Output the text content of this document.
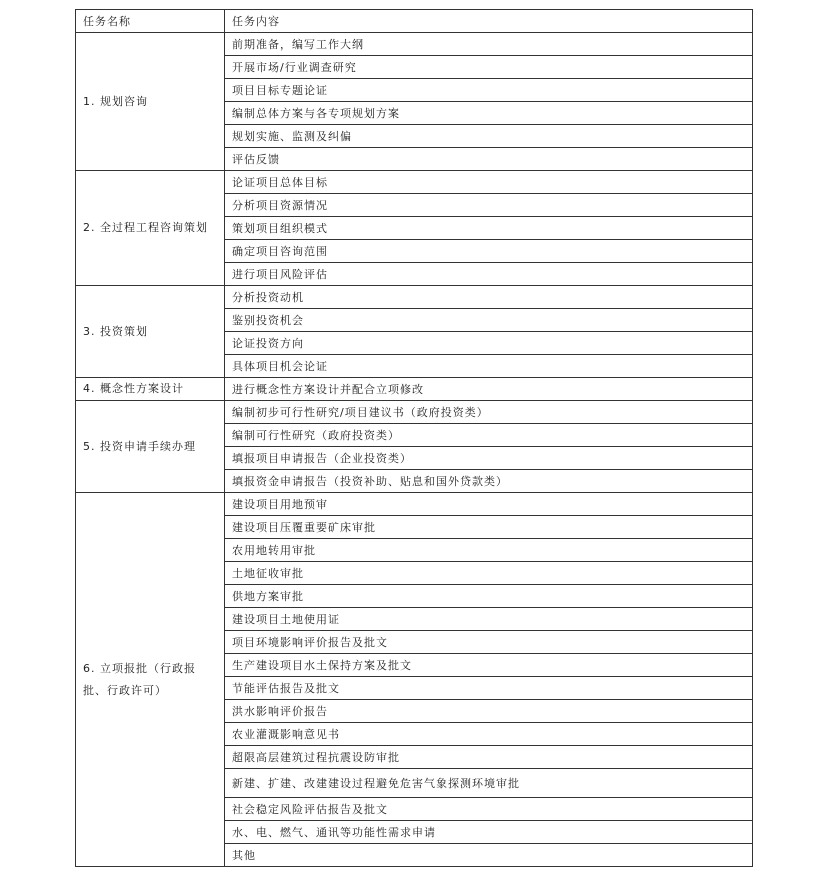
任务名称	任务内容
1. 规划咨询	前期准备，编写工作大纲
	开展市场/行业调查研究
	项目目标专题论证
	编制总体方案与各专项规划方案
	规划实施、监测及纠偏
	评估反馈
2. 全过程工程咨询策划	论证项目总体目标
	分析项目资源情况
	策划项目组织模式
	确定项目咨询范围
	进行项目风险评估
3. 投资策划	分析投资动机
	鉴别投资机会
	论证投资方向
	具体项目机会论证
4. 概念性方案设计	进行概念性方案设计并配合立项修改
5. 投资申请手续办理	编制初步可行性研究/项目建议书（政府投资类）
	编制可行性研究（政府投资类）
	填报项目申请报告（企业投资类）
	填报资金申请报告（投资补助、贴息和国外贷款类）
6. 立项报批（行政报批、行政许可）	建设项目用地预审
	建设项目压覆重要矿床审批
	农用地转用审批
	土地征收审批
	供地方案审批
	建设项目土地使用证
	项目环境影响评价报告及批文
	生产建设项目水土保持方案及批文
	节能评估报告及批文
	洪水影响评价报告
	农业灌溉影响意见书
	超限高层建筑过程抗震设防审批
	新建、扩建、改建建设过程避免危害气象探测环境审批
	社会稳定风险评估报告及批文
	水、电、燃气、通讯等功能性需求申请
	其他
